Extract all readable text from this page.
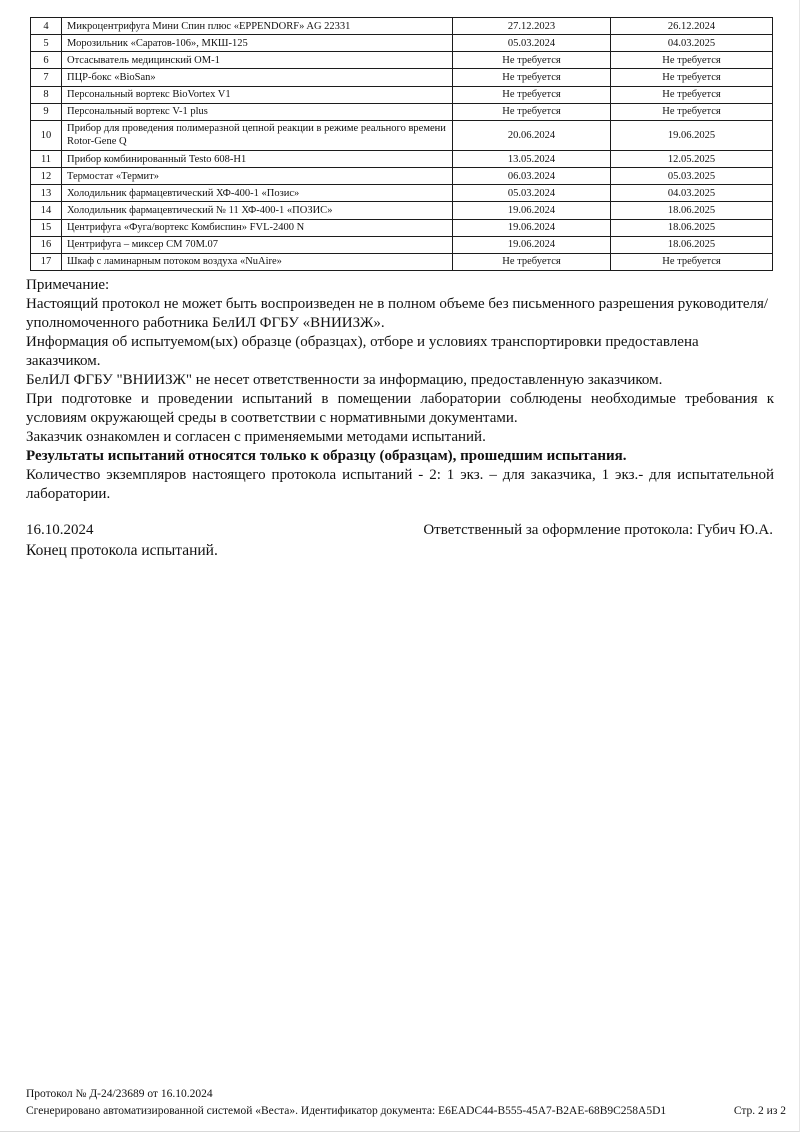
4	Микроцентрифуга Мини Спин плюс «EPPENDORF» AG 22331	27.12.2023	26.12.2024
5	Морозильник «Саратов-106», МКШ-125	05.03.2024	04.03.2025
6	Отсасыватель медицинский ОМ-1	Не требуется	Не требуется
7	ПЦР-бокс «BioSan»	Не требуется	Не требуется
8	Персональный вортекс BioVortex V1	Не требуется	Не требуется
9	Персональный вортекс V-1 plus	Не требуется	Не требуется
10	Прибор для проведения полимеразной цепной реакции в режиме реального времени Rotor-Gene Q	20.06.2024	19.06.2025
11	Прибор комбинированный Testo 608-H1	13.05.2024	12.05.2025
12	Термостат «Термит»	06.03.2024	05.03.2025
13	Холодильник фармацевтический ХФ-400-1 «Позис»	05.03.2024	04.03.2025
14	Холодильник фармацевтический № 11 ХФ-400-1 «ПОЗИС»	19.06.2024	18.06.2025
15	Центрифуга «Фуга/вортекс Комбиспин» FVL-2400 N	19.06.2024	18.06.2025
16	Центрифуга – миксер СМ 70М.07	19.06.2024	18.06.2025
17	Шкаф с ламинарным потоком воздуха «NuAire»	Не требуется	Не требуется
Примечание:
Настоящий протокол не может быть воспроизведен не в полном объеме без письменного разрешения руководителя/уполномоченного работника БелИЛ ФГБУ «ВНИИЗЖ».
Информация об испытуемом(ых) образце (образцах), отборе и условиях транспортировки предоставлена заказчиком.
БелИЛ ФГБУ "ВНИИЗЖ" не несет ответственности за информацию, предоставленную заказчиком.
При подготовке и проведении испытаний в помещении лаборатории соблюдены необходимые требования к условиям окружающей среды в соответствии с нормативными документами.
Заказчик ознакомлен и согласен с применяемыми методами испытаний.
Результаты испытаний относятся только к образцу (образцам), прошедшим испытания.
Количество экземпляров настоящего протокола испытаний - 2: 1 экз. – для заказчика, 1 экз.- для испытательной лаборатории.
16.10.2024	Ответственный за оформление протокола: Губич Ю.А.
Конец протокола испытаний.
Протокол № Д-24/23689 от 16.10.2024
Сгенерировано автоматизированной системой «Веста». Идентификатор документа: E6EADC44-B555-45A7-B2AE-68B9C258A5D1	Стр. 2 из 2
